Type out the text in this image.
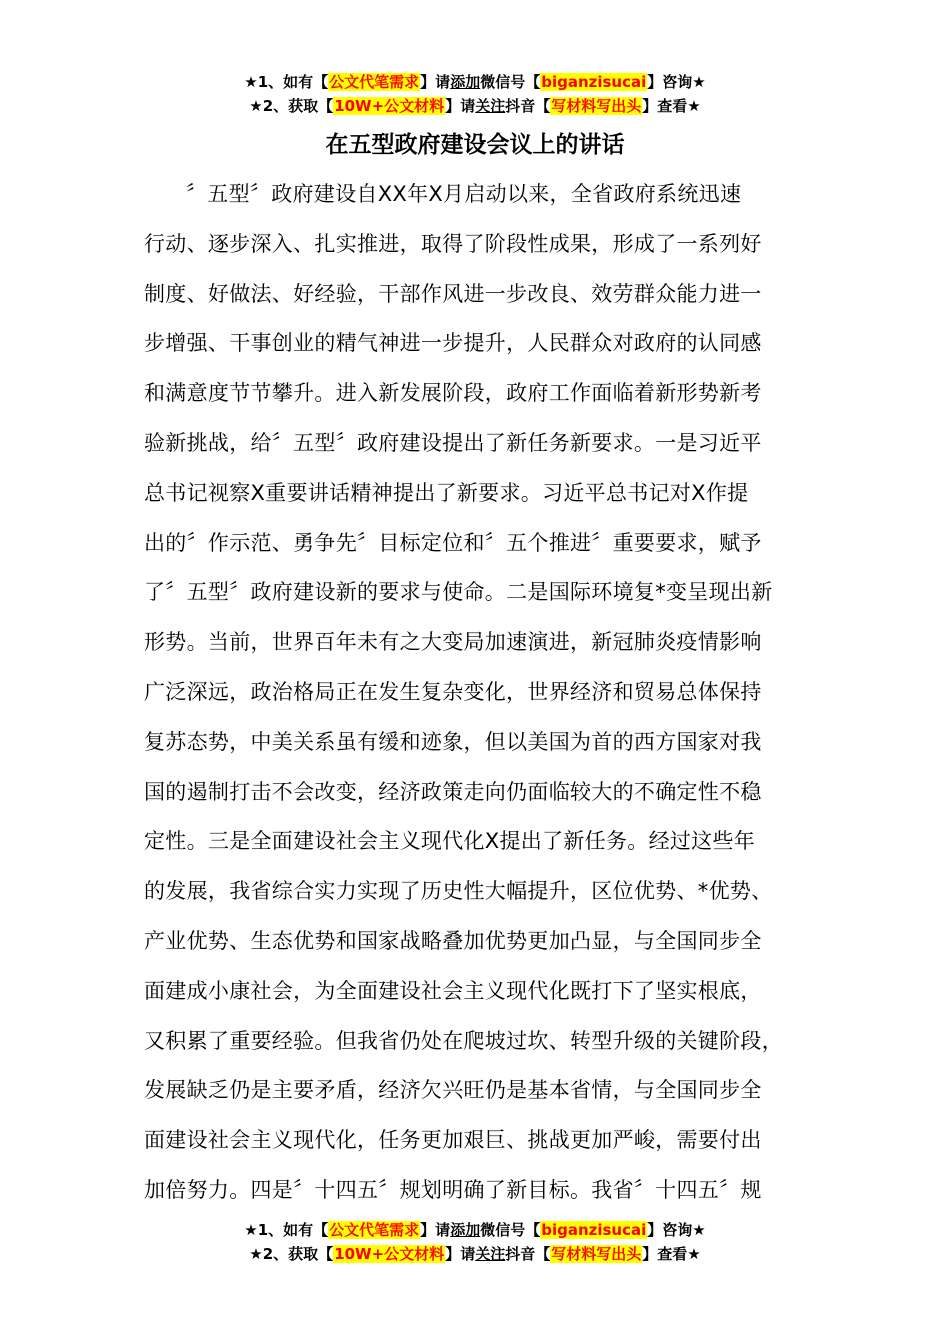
★1、如有【公文代笔需求】请添加微信号【biganzisucai】咨询★
★2、获取【10W+公文材料】请关注抖音【写材料写出头】查看★
在五型政府建设会议上的讲话
〞五型〞政府建设自XX年X月启动以来，全省政府系统迅速
行动、逐步深入、扎实推进，取得了阶段性成果，形成了一系列好
制度、好做法、好经验，干部作风进一步改良、效劳群众能力进一
步增强、干事创业的精气神进一步提升，人民群众对政府的认同感
和满意度节节攀升。进入新发展阶段，政府工作面临着新形势新考
验新挑战，给〞五型〞政府建设提出了新任务新要求。一是习近平
总书记视察X重要讲话精神提出了新要求。习近平总书记对X作提
出的〞作示范、勇争先〞目标定位和〞五个推进〞重要要求，赋予
了〞五型〞政府建设新的要求与使命。二是国际环境复*变呈现出新
形势。当前，世界百年未有之大变局加速演进，新冠肺炎疫情影响
广泛深远，政治格局正在发生复杂变化，世界经济和贸易总体保持
复苏态势，中美关系虽有缓和迹象，但以美国为首的西方国家对我
国的遏制打击不会改变，经济政策走向仍面临较大的不确定性不稳
定性。三是全面建设社会主义现代化X提出了新任务。经过这些年
的发展，我省综合实力实现了历史性大幅提升，区位优势、*优势、
产业优势、生态优势和国家战略叠加优势更加凸显，与全国同步全
面建成小康社会，为全面建设社会主义现代化既打下了坚实根底，
又积累了重要经验。但我省仍处在爬坡过坎、转型升级的关键阶段，
发展缺乏仍是主要矛盾，经济欠兴旺仍是基本省情，与全国同步全
面建设社会主义现代化，任务更加艰巨、挑战更加严峻，需要付出
加倍努力。四是〞十四五〞规划明确了新目标。我省〞十四五〞规
★1、如有【公文代笔需求】请添加微信号【biganzisucai】咨询★
★2、获取【10W+公文材料】请关注抖音【写材料写出头】查看★
